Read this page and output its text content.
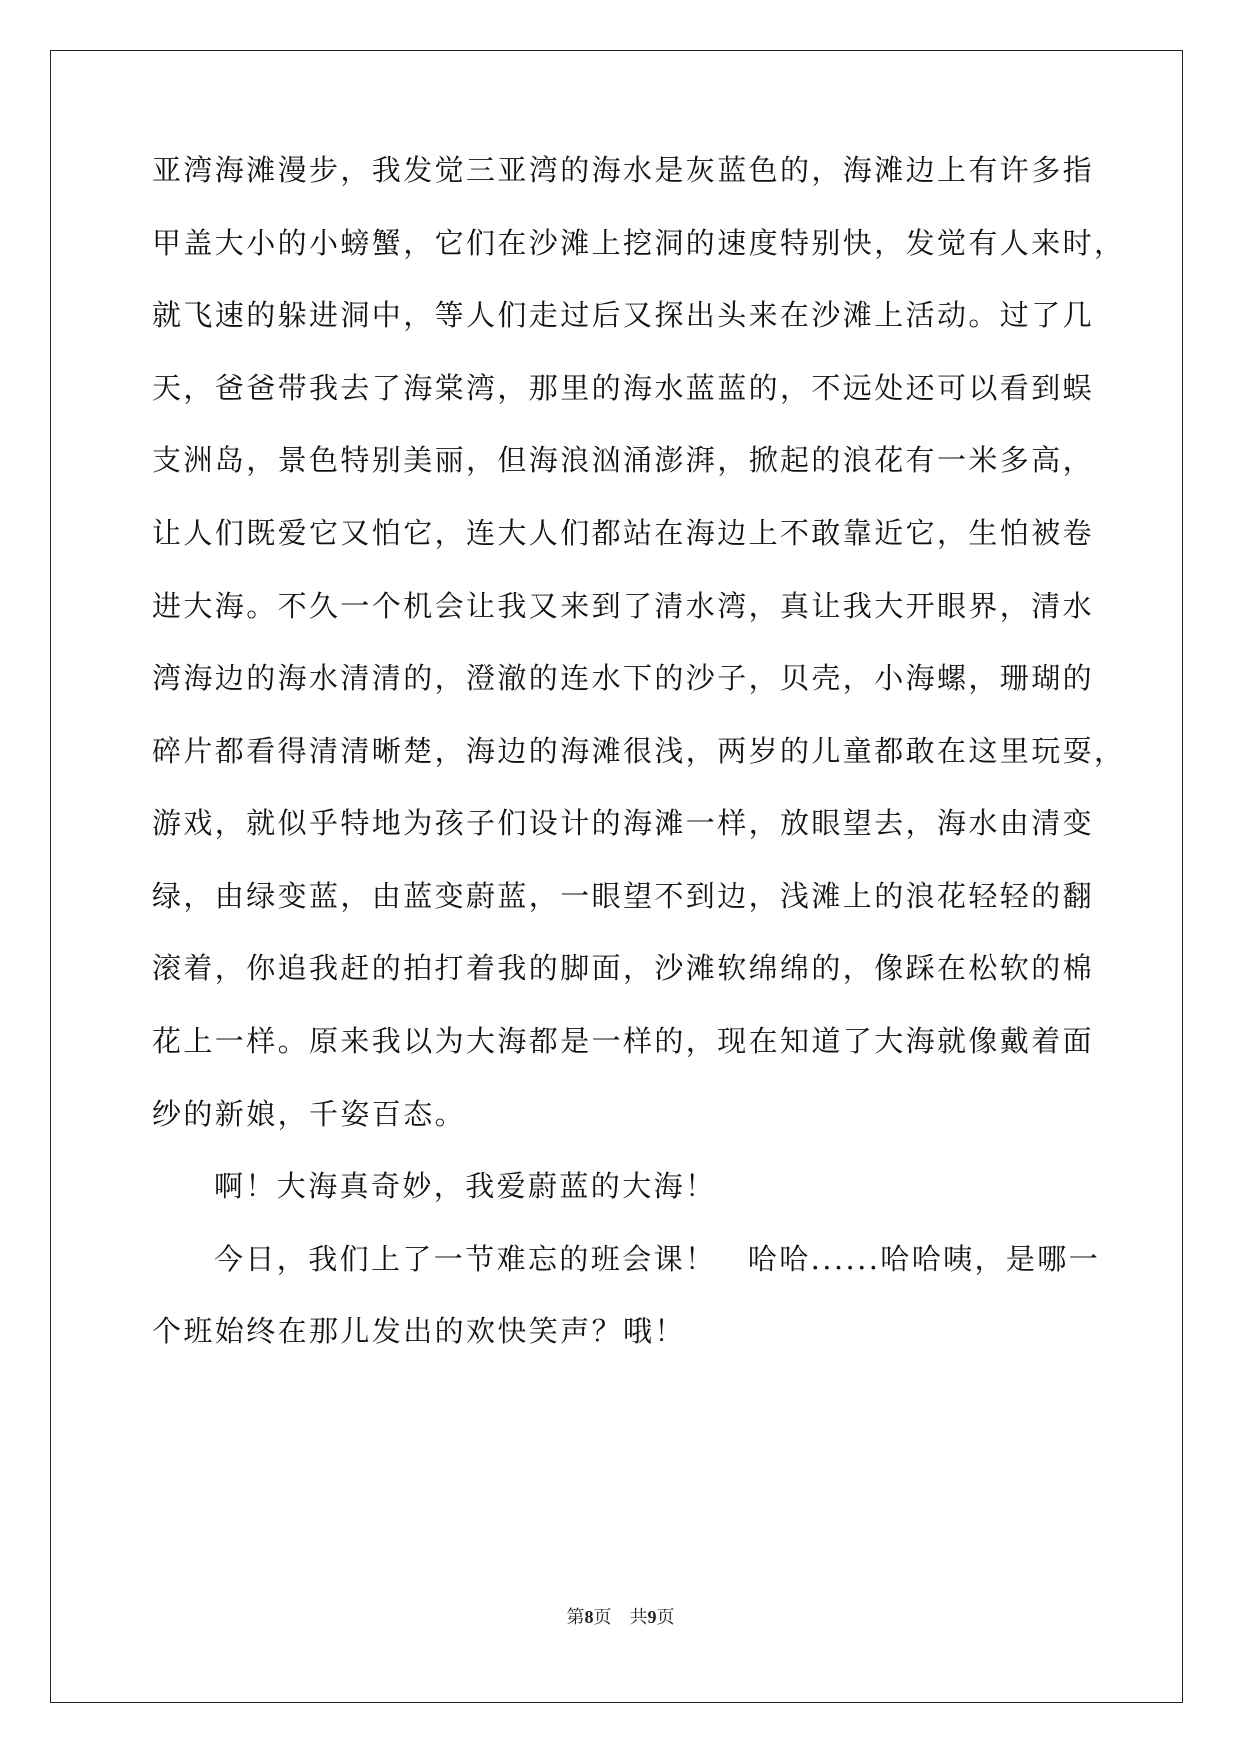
亚湾海滩漫步，我发觉三亚湾的海水是灰蓝色的，海滩边上有许多指
甲盖大小的小螃蟹，它们在沙滩上挖洞的速度特别快，发觉有人来时，
就飞速的躲进洞中，等人们走过后又探出头来在沙滩上活动。过了几
天，爸爸带我去了海棠湾，那里的海水蓝蓝的，不远处还可以看到蜈
支洲岛，景色特别美丽，但海浪汹涌澎湃，掀起的浪花有一米多高，
让人们既爱它又怕它，连大人们都站在海边上不敢靠近它，生怕被卷
进大海。不久一个机会让我又来到了清水湾，真让我大开眼界，清水
湾海边的海水清清的，澄澈的连水下的沙子，贝壳，小海螺，珊瑚的
碎片都看得清清晰楚，海边的海滩很浅，两岁的儿童都敢在这里玩耍，
游戏，就似乎特地为孩子们设计的海滩一样，放眼望去，海水由清变
绿，由绿变蓝，由蓝变蔚蓝，一眼望不到边，浅滩上的浪花轻轻的翻
滚着，你追我赶的拍打着我的脚面，沙滩软绵绵的，像踩在松软的棉
花上一样。原来我以为大海都是一样的，现在知道了大海就像戴着面
纱的新娘，千姿百态。
啊！大海真奇妙，我爱蔚蓝的大海！
今日，我们上了一节难忘的班会课！　哈哈......哈哈咦，是哪一
个班始终在那儿发出的欢快笑声？哦！
第8页　共9页
